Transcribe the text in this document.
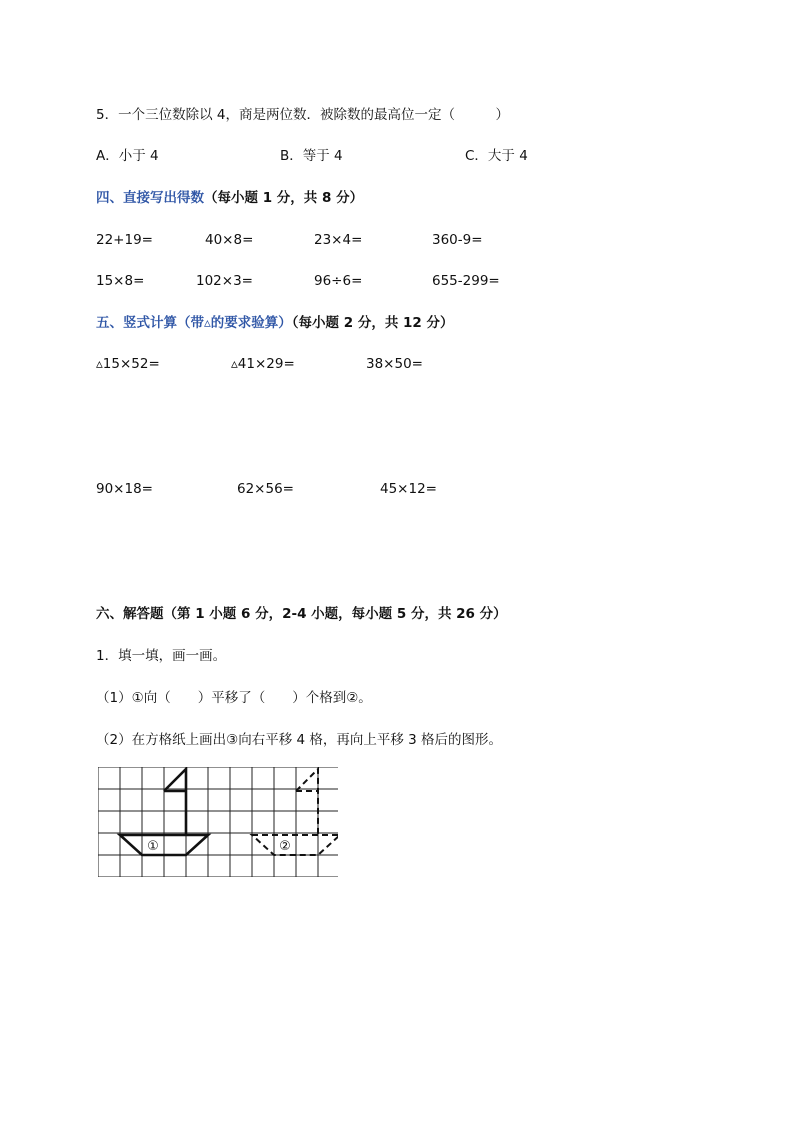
5．一个三位数除以 4，商是两位数．被除数的最高位一定（　　　）
A．小于 4	B．等于 4	C．大于 4
四、直接写出得数（每小题 1 分，共 8 分）
22+19=	40×8=	23×4=	360-9=
15×8=	102×3=	96÷6=	655-299=
五、竖式计算（带▵的要求验算）（每小题 2 分，共 12 分）
▵15×52=	▵41×29=	38×50=
90×18=	62×56=	45×12=
六、解答题（第 1 小题 6 分，2-4 小题，每小题 5 分，共 26 分）
1．填一填，画一画。
（1）①向（　　）平移了（　　）个格到②。
（2）在方格纸上画出③向右平移 4 格，再向上平移 3 格后的图形。
①	②
